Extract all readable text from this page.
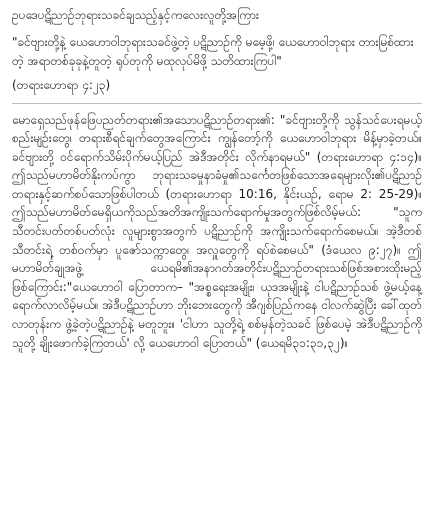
ဥပဒေပဋိညာဉ်ဘုရားသခင်ချသည့်နှင့်ကလေးလူတို့အကြား

"ခင်ဗျားတို့နဲ့ ယေဟောဝါဘုရားသခင်ဖွဲ့တဲ့ ပဋိညာဉ်ကို မမေ့ဖို့၊ ယေဟောဝါဘုရား တားမြစ်ထားတဲ့ အရာတစ်ခုခုနဲ့တူတဲ့ ရုပ်တုကို မထုလုပ်မိဖို့ သတိထားကြပါ"

(တရားဟောရာ ၄:၂၃)

မောရှေသည်ဖုန်ဖြေပညတ်တရား၏အသောပဋိညာဉ်တရား၏: "ခင်ဗျားတို့ကို သွန်သင်ပေးရမယ့် စည်းမျဉ်းတွေ၊ တရားစီရင်ချက်တွေအကြောင်း ကျွန်တော့်ကို ယေဟောဝါဘုရား မိန့်မှာခဲ့တယ်။ ခင်ဗျားတို့ ဝင်ရောက်သိမ်းပိုက်မယ့်ပြည် အဲဒီအတိုင်း လိုက်နာရမယ်" (တရားဟောရာ ၄:၁၄)။ ဤသည်မဟာမိတ်နိုးကပ်ကွာ ဘုရားသခမှုနာခံမှု၏သင်္ကေတဖြစ်သောအရေများလိုး၏ပဋိညာဉ်တရားနှင့်ဆက်စပ်သောဖြစ်ပါတယ် (တရားဟောရာ 10:16, နိုင်းယဉ်, ရောမ 2: 25-29)။ ဤသည်မဟာမိတ်မေရှိယကိုသည်အတိအကျိုးသက်ရောက်မှုအတွက်ဖြစ်လိမ့်မယ်: "သူက သီတင်းပတ်တစ်ပတ်လုံး လူများစွာအတွက် ပဋိညာဉ်ကို အကျိုးသက်ရောက်စေမယ်။ အဲ့ဒီတစ်သီတင်းရဲ့ တစ်ဝက်မှာ ပူဇော်သက္ကာတွေ၊ အလှူတွေကို ရပ်စဲစေမယ်" (ဒံယေလ ၉:၂၇)။ ဤ မဟာမိတ်ချုအဖွဲ့ ယေရမိ၏အနာဂတ်အတိုင်းပဋိညာဉ်တရားသစ်ဖြစ်အစားထိုးမည့်ဖြစ်ကြောင်း:"ယေဟောဝါ ပြောတာက– "အစ္စရေးအမျိုး၊ ယုဒအမျိုးနဲ့ ငါပဋိညာဉ်သစ် ဖွဲ့မယ့်နေ့ ရောက်လာလိမ့်မယ်။ အဲဒီပဋိညာဉ်ဟာ ဘိုးဘေးတွေကို အီဂျစ်ပြည်ကနေ ငါလက်ဆွဲပြီး ခေါ်ထုတ်လာတုန်းက ဖွဲ့ခဲ့တဲ့ပဋိညာဉ်နဲ့ မတူဘူး။ 'ငါဟာ သူတို့ရဲ့ စစ်မှန်တဲ့သခင် ဖြစ်ပေမဲ့ အဲဒီပဋိညာဉ်ကို သူတို့ ချိုးဖောက်ခဲ့ကြတယ်' လို့ ယေဟောဝါ ပြောတယ်" (ယေရမိ၃၁:၃၁,၃၂)။
